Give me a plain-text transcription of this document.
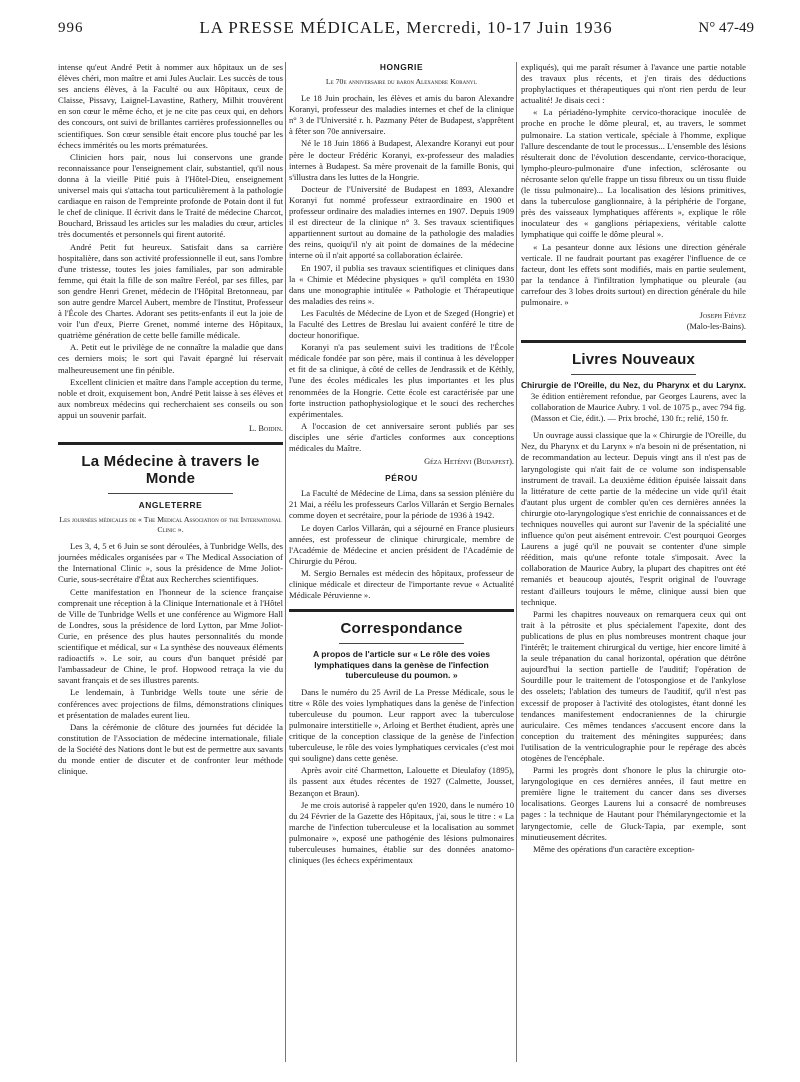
996	LA PRESSE MÉDICALE, Mercredi, 10-17 Juin 1936	N° 47-49

intense qu'eut André Petit à nommer aux hôpitaux un de ses élèves chéri, mon maître et ami Jules Auclair. Les succès de tous ses anciens élèves, à la Faculté ou aux Hôpitaux, ceux de Claisse, Pissavy, Laignel-Lavastine, Rathery, Milhit trouvèrent en son cœur le même écho, et je ne cite pas ceux qui, en dehors des concours, ont suivi de brillantes carrières professionnelles ou scientifiques. Son cœur sensible était encore plus touché par les échecs immérités ou les morts prématurées.

Clinicien hors pair, nous lui conservons une grande reconnaissance pour l'enseignement clair, substantiel, qu'il nous donna à la vieille Pitié puis à l'Hôtel-Dieu, enseignement universel mais qui s'attacha tout particulièrement à la pathologie cardiaque en raison de l'empreinte profonde de Potain dont il fut le chef de clinique. Il écrivit dans le Traité de médecine Charcot, Bouchard, Brissaud les articles sur les maladies du cœur, articles très documentés et personnels qui firent autorité.

André Petit fut heureux. Satisfait dans sa carrière hospitalière, dans son activité professionnelle il eut, sans l'ombre d'une tristesse, toutes les joies familiales, par son admirable femme, qui était la fille de son maître Feréol, par ses filles, par son gendre Henri Grenet, médecin de l'Hôpital Bretonneau, par son autre gendre Marcel Aubert, membre de l'Institut, Professeur à l'École des Chartes. Adorant ses petits-enfants il eut la joie de voir l'un d'eux, Pierre Grenet, nommé interne des Hôpitaux, quatrième génération de cette belle famille médicale.

A. Petit eut le privilège de ne connaître la maladie que dans ces derniers mois; le sort qui l'avait épargné lui réservait malheureusement une fin pénible.

Excellent clinicien et maître dans l'ample acception du terme, noble et droit, exquisement bon, André Petit laisse à ses élèves et aux nombreux médecins qui recherchaient ses conseils ou son appui un souvenir parfait.

L. Boidin.
La Médecine à travers le Monde
ANGLETERRE
Les journées médicales de « The Medical Association of the International Clinic ».

Les 3, 4, 5 et 6 Juin se sont déroulées, à Tunbridge Wells, des journées médicales organisées par « The Medical Association of the International Clinic », sous la présidence de Mme Joliot-Curie, sous-secrétaire d'État aux Recherches scientifiques.

Cette manifestation en l'honneur de la science française comprenait une réception à la Clinique Internationale et à l'Hôtel de Ville de Tunbridge Wells et une conférence au Wigmore Hall de Londres, sous la présidence de lord Lytton, par Mme Joliot-Curie, en présence des plus hautes personnalités du monde scientifique et médical, sur « La synthèse des nouveaux éléments radioactifs ». Le soir, au cours d'un banquet présidé par l'ambassadeur de Chine, le prof. Hopwood retraça la vie du savant français et de ses illustres parents.

Le lendemain, à Tunbridge Wells toute une série de conférences avec projections de films, démonstrations cliniques et présentation de malades eurent lieu.

Dans la cérémonie de clôture des journées fut décidée la constitution de l'Association de médecine internationale, filiale de la Société des Nations dont le but est de permettre aux savants du monde entier de discuter et de confronter leur méthode clinique.

HONGRIE
Le 70e anniversaire du baron Alexandre Koranyi.

Le 18 Juin prochain, les élèves et amis du baron Alexandre Koranyi, professeur des maladies internes et chef de la clinique n° 3 de l'Université r. h. Pazmany Péter de Budapest, s'apprêtent à fêter son 70e anniversaire.

Né le 18 Juin 1866 à Budapest, Alexandre Koranyi eut pour père le docteur Frédéric Koranyi, ex-professeur des maladies internes à Budapest. Sa mère provenait de la famille Bonis, qui s'illustra dans les luttes de la Hongrie.

Docteur de l'Université de Budapest en 1893, Alexandre Koranyi fut nommé professeur extraordinaire en 1900 et professeur ordinaire des maladies internes en 1907. Depuis 1909 il est directeur de la clinique n° 3. Ses travaux scientifiques appartiennent surtout au domaine de la pathologie des maladies des reins, quoiqu'il n'y ait point de domaines de la médecine interne où il n'ait apporté sa collaboration éclairée.

En 1907, il publia ses travaux scientifiques et cliniques dans la « Chimie et Médecine physiques » qu'il compléta en 1930 dans une monographie intitulée « Pathologie et Thérapeutique des maladies des reins ».

Les Facultés de Médecine de Lyon et de Szeged (Hongrie) et la Faculté des Lettres de Breslau lui avaient conféré le titre de docteur honorifique.

Koranyi n'a pas seulement suivi les traditions de l'École médicale fondée par son père, mais il continua à les développer et fit de sa clinique, à côté de celles de Jendrassik et de Kéthly, l'une des écoles médicales les plus importantes et les plus renommées de la Hongrie. Cette école est caractérisée par une forte instruction pathophysiologique et le souci des recherches expérimentales.

A l'occasion de cet anniversaire seront publiés par ses disciples une série d'articles conformes aux conceptions médicales du Maître.

Géza Hetényi (Budapest).
PÉROU

La Faculté de Médecine de Lima, dans sa session plénière du 21 Mai, a réélu les professeurs Carlos Villarán et Sergio Bernales comme doyen et secrétaire, pour la période de 1936 à 1942.

Le doyen Carlos Villarán, qui a séjourné en France plusieurs années, est professeur de clinique chirurgicale, membre de l'Académie de Médecine et ancien président de l'Académie de Chirurgie du Pérou.

M. Sergio Bernales est médecin des hôpitaux, professeur de clinique médicale et directeur de l'importante revue « Actualité Médicale Péruvienne ».

Correspondance
A propos de l'article sur « Le rôle des voies lymphatiques dans la genèse de l'infection tuberculeuse du poumon. »

Dans le numéro du 25 Avril de La Presse Médicale, sous le titre « Rôle des voies lymphatiques dans la genèse de l'infection tuberculeuse du poumon. Leur rapport avec la tuberculose pulmonaire interstitielle », Arloing et Berthet étudient, après une critique de la conception classique de la genèse de l'infection tuberculeuse, le rôle des voies lymphatiques cervicales (c'est moi qui souligne) dans cette genèse.

Après avoir cité Charmetton, Lalouette et Dieulafoy (1895), ils passent aux études récentes de 1927 (Calmette, Jousset, Bezançon et Braun).

Je me crois autorisé à rappeler qu'en 1920, dans le numéro 10 du 24 Février de la Gazette des Hôpitaux, j'ai, sous le titre : « La marche de l'infection tuberculeuse et la localisation au sommet pulmonaire », exposé une pathogénie des lésions pulmonaires tuberculeuses humaines, établie sur des données anatomo-cliniques (les échecs expérimentaux

expliqués), qui me paraît résumer à l'avance une partie notable des travaux plus récents, et j'en tirais des déductions prophylactiques et thérapeutiques qui n'ont rien perdu de leur actualité! Je disais ceci :

« La périadéno-lymphite cervico-thoracique inoculée de proche en proche le dôme pleural, et, au travers, le sommet pulmonaire. La station verticale, spéciale à l'homme, explique l'allure descendante de tout le processus... L'ensemble des lésions résulterait donc de l'évolution descendante, cervico-thoracique, lympho-pleuro-pulmonaire d'une infection, sclérosante ou nécrosante selon qu'elle frappe un tissu fibreux ou un tissu fluide (le tissu pulmonaire)... La localisation des lésions primitives, dans la tuberculose ganglionnaire, à la périphérie de l'organe, près des vaisseaux lymphatiques afférents », explique le rôle inoculateur des « ganglions périapexiens, véritable calotte lymphatique qui coiffe le dôme pleural ».

« La pesanteur donne aux lésions une direction générale verticale. Il ne faudrait pourtant pas exagérer l'influence de ce facteur, dont les effets sont modifiés, mais en partie seulement, par la tendance à l'infiltration lymphatique ou pleurale (au carrefour des 3 lobes droits surtout) en direction générale du hile pulmonaire. »

Joseph Fiévez
(Malo-les-Bains).
Livres Nouveaux
Chirurgie de l'Oreille, du Nez, du Pharynx et du Larynx. 3e édition entièrement refondue, par Georges Laurens, avec la collaboration de Maurice Aubry. 1 vol. de 1075 p., avec 794 fig. (Masson et Cie, édit.). — Prix broché, 130 fr.; relié, 150 fr.

Un ouvrage aussi classique que la « Chirurgie de l'Oreille, du Nez, du Pharynx et du Larynx » n'a besoin ni de présentation, ni de recommandation au lecteur. Depuis vingt ans il n'est pas de laryngologiste qui n'ait fait de ce volume son indispensable instrument de travail. La deuxième édition épuisée laissait dans la littérature de cette partie de la médecine un vide qu'il était d'autant plus urgent de combler qu'en ces dernières années la chirurgie oto-laryngologique s'est enrichie de connaissances et de techniques nouvelles qui auront sur l'avenir de la spécialité une influence qu'on peut aisément entrevoir. C'est pourquoi Georges Laurens a jugé qu'il ne pouvait se contenter d'une simple réédition, mais qu'une refonte totale s'imposait. Avec la collaboration de Maurice Aubry, la plupart des chapitres ont été remaniés et beaucoup ajoutés, l'esprit original de l'ouvrage restant d'ailleurs toujours le même, clinique aussi bien que technique.

Parmi les chapitres nouveaux on remarquera ceux qui ont trait à la pétrosite et plus spécialement l'apexite, dont des publications de plus en plus nombreuses montrent chaque jour l'intérêt; le traitement chirurgical du vertige, hier encore limité à la seule trépanation du canal horizontal, opération que détrône aujourd'hui la section partielle de l'auditif; l'opération de Sourdille pour le traitement de l'otospongiose et de l'ankylose des osselets; l'ablation des tumeurs de l'auditif, qu'il n'est pas excessif de proposer à l'activité des otologistes, étant donné les tendances manifestement endocraniennes de la chirurgie auriculaire. Ces mêmes tendances s'accusent encore dans la conception du traitement des méningites suppurées; dans l'utilisation de la ventriculographie pour le repérage des abcès otogènes de l'encéphale.

Parmi les progrès dont s'honore le plus la chirurgie oto-laryngologique en ces dernières années, il faut mettre en première ligne le traitement du cancer dans ses diverses localisations. Georges Laurens lui a consacré de nombreuses pages : la technique de Hautant pour l'hémilaryngectomie et la laryngectomie, celle de Gluck-Tapia, par exemple, sont minutieusement décrites.

Même des opérations d'un caractère exception-
